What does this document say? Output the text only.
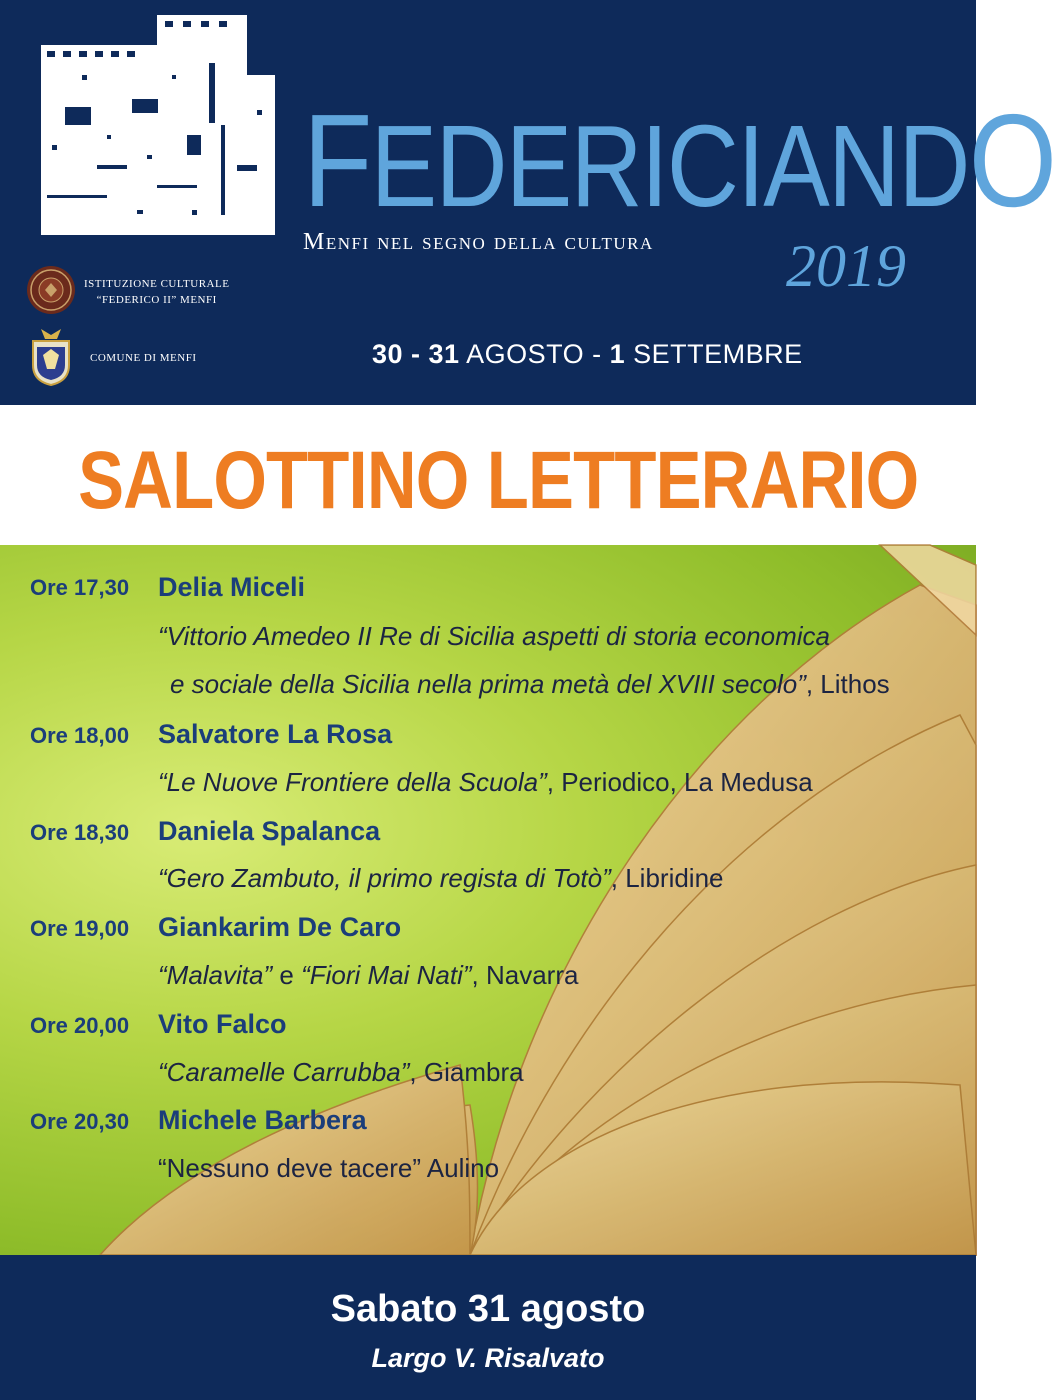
FEDERICIANDO
Menfi nel segno della cultura 2019
30 - 31 AGOSTO - 1 SETTEMBRE
ISTITUZIONE CULTURALE
“FEDERICO II” MENFI
COMUNE DI MENFI
SALOTTINO LETTERARIO
Ore 17,30 Delia Miceli
“Vittorio Amedeo II Re di Sicilia aspetti di storia economica
e sociale della Sicilia nella prima metà del XVIII secolo”, Lithos
Ore 18,00 Salvatore La Rosa
“Le Nuove Frontiere della Scuola”, Periodico, La Medusa
Ore 18,30 Daniela Spalanca
“Gero Zambuto, il primo regista di Totò”, Libridine
Ore 19,00 Giankarim De Caro
“Malavita” e “Fiori Mai Nati”, Navarra
Ore 20,00 Vito Falco
“Caramelle Carrubba”, Giambra
Ore 20,30 Michele Barbera
“Nessuno deve tacere” Aulino
Sabato 31 agosto
Largo V. Risalvato
